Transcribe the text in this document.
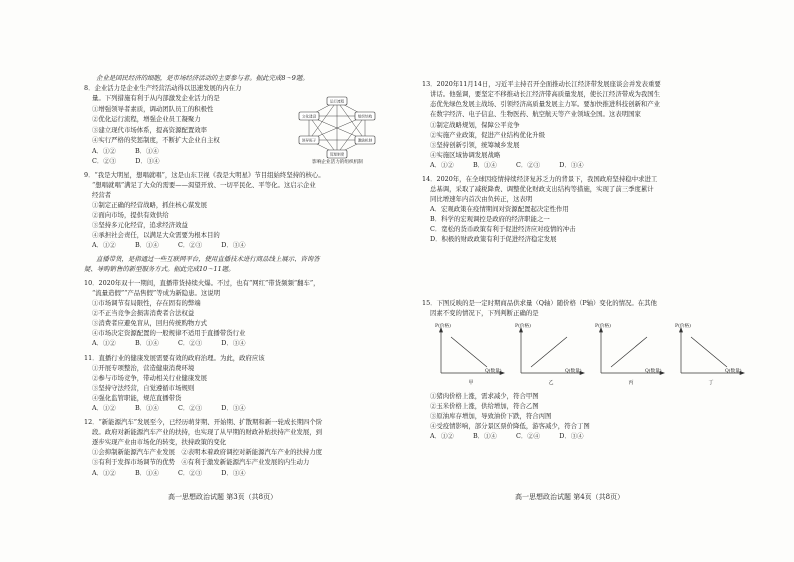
企业是国民经济的细胞，是市场经济活动的主要参与者。据此完成8～9题。
8．企业活力是企业生产经营活动得以迅速发展的内在力
量。下列措施有利于从内部激发企业活力的是
①增强领导者素质，调动团队员工的积极性
②优化运行流程，增强企业员工凝聚力
③建立现代市场体系，提高资源配置效率
④实行严格的奖惩制度，不断扩大企业自主权
A．①②　　　B．①④
C．②③　　　D．③④
9．“我是大明星，想唱就唱”，这是山东卫视《我是大明星》节目组始终坚持的核心。
“想唱就唱”满足了大众的需要——渴望开放、一切平民化、平等化。这启示企业
经营者
①制定正确的经营战略，抓住核心谋发展
②面向市场，提供有效供给
③坚持多元化经营，追求经济效益
④承担社会责任，以满足大众需要为根本目的
A．①②　　　B．①④　　　C．②③　　　D．③④
直播带货，是指通过一些互联网平台，使用直播技术进行商品线上展示、咨询答
疑、导购销售的新型服务方式。据此完成10～11题。
10．2020年双十一期间，直播带货持续火爆。不过，也有“网红”带货频频“翻车”，
“流量造假”“产品售假”等成为新隐患。这说明
①市场调节有局限性，存在固有的弊端
②不正当竞争会损害消费者合法权益
③消费者应避免盲从，回归传统购物方式
④市场决定资源配置的一般规律不适用于直播带货行业
A．①②　　　B．①④　　　C．②③　　　D．③④
11．直播行业的健康发展需要有效的政府治理。为此，政府应该
①开展专项整治，营造健康消费环境
②参与市场竞争，带动相关行业健康发展
③坚持守法经营，自觉遵循市场规则
④强化监管职能，规范直播带货
A．①②　　　B．①④　　　C．②③　　　D．③④
12．“新能源汽车”发展至今，已经历萌芽期、开始期、扩散期和新一轮成长期四个阶
段。政府对新能源汽车产业的扶持，也实现了从早期的财政补贴扶持产业发展，到
逐步实现产业由市场化的转变，扶持政策的变化
①会抑制新能源汽车产业发展　②表明本着政府调控对新能源汽车产业的扶持力度
③有利于发挥市场调节的优势　④有利于激发新能源汽车产业发展的内生动力
A．①②　　　B．①④　　　C．②③　　　D．③④
高一思想政治试题 第3页（共8页）
运行流程
组织结构
激励机制
管理制度
领导班子
文化建设
影响企业活力的组织机制
13．2020年11月14日，习近平主持召开全面推动长江经济带发展座谈会并发表重要
讲话。他强调，要坚定不移推动长江经济带高质量发展，使长江经济带成为我国生
态优先绿色发展主战场、引领经济高质量发展主力军。要加快推进科技创新和产业
在数字经济、电子信息、生物医药、航空航天等产业领域全国。这表明国家
①制定战略规划，保障公平竞争
②实施产业政策，促进产业结构优化升级
③坚持创新引领，统筹城乡发展
④实施区域协调发展战略
A．①②　　　B．①④　　　C．②③　　　D．③④
14．2020年，在全球因疫情持续经济复苏乏力的背景下，我国政府坚持稳中求进工
总基调，采取了减税降费、调整优化财政支出结构等措施，实现了前三季度累计
同比增速年内首次由负转正，这表明
A．宏观政策在疫情期间对资源配置起决定性作用
B．科学的宏观调控是政府的经济职能之一
C．宽松的货币政策有利于促进经济应对疫情的冲击
D．积极的财政政策有利于促进经济稳定发展
15．下图反映的是一定时期商品供求量（Q轴）随价格（P轴）变化的情况。在其他
因素不变的情况下，下列判断正确的是
P(价格)
Q(数量)
甲
P(价格)
Q(数量)
乙
P(价格)
Q(数量)
丙
P(价格)
Q(数量)
丁
①猪肉价格上涨，需求减少，符合甲图
②玉米价格上涨，供给增加，符合乙图
③原油库存增加，导致油价下跌，符合丙图
④受疫情影响，部分景区票价降低，游客减少，符合丁图
A．①②　　　B．①④　　　C．②④　　　D．③④
高一思想政治试题 第4页（共8页）
